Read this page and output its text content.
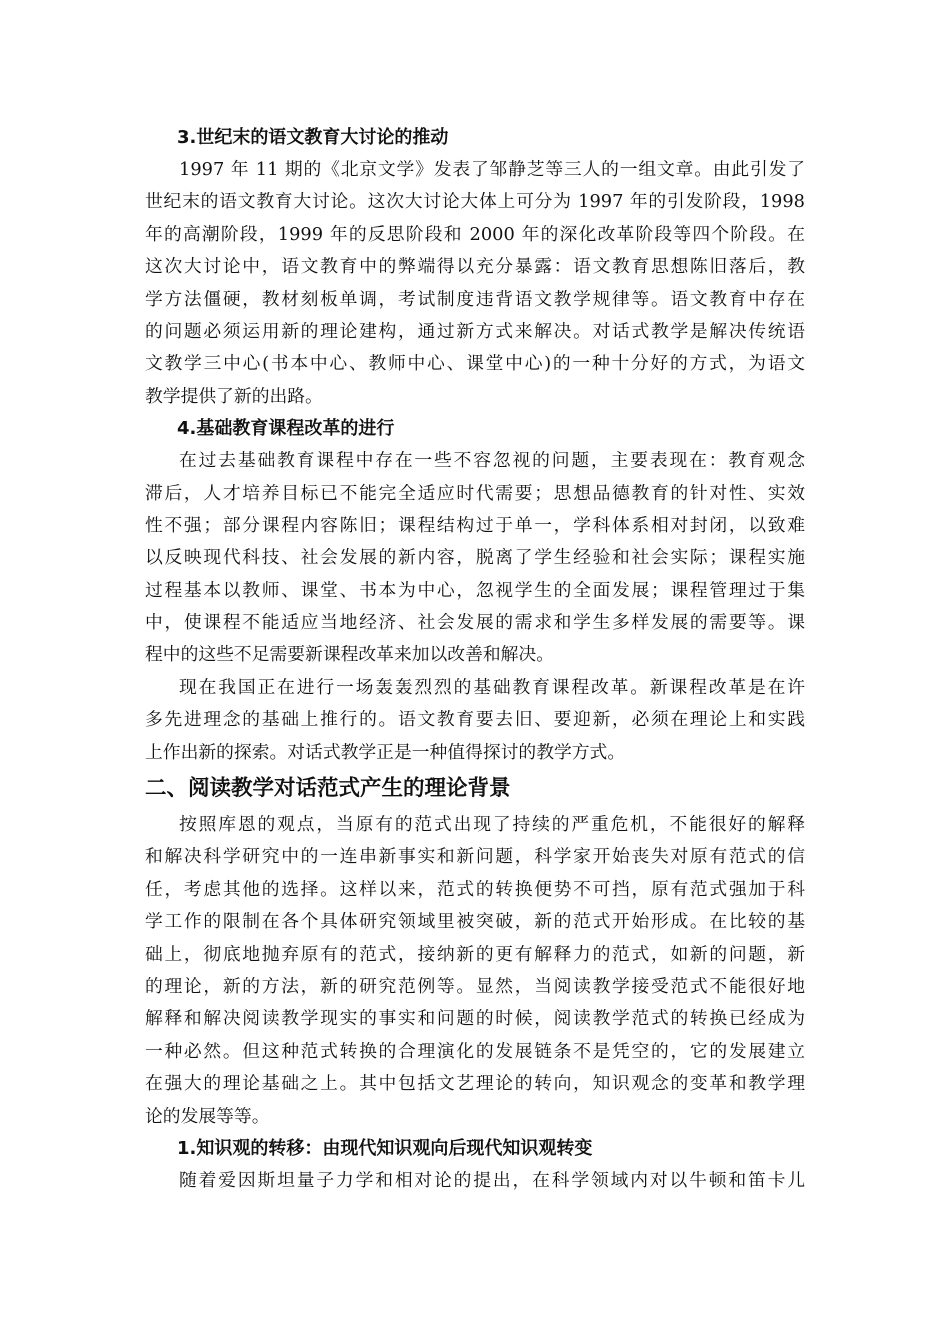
3.世纪末的语文教育大讨论的推动
1997 年 11 期的《北京文学》发表了邹静芝等三人的一组文章。由此引发了
世纪末的语文教育大讨论。这次大讨论大体上可分为 1997 年的引发阶段，1998
年的高潮阶段，1999 年的反思阶段和 2000 年的深化改革阶段等四个阶段。在
这次大讨论中，语文教育中的弊端得以充分暴露：语文教育思想陈旧落后，教
学方法僵硬，教材刻板单调，考试制度违背语文教学规律等。语文教育中存在
的问题必须运用新的理论建构，通过新方式来解决。对话式教学是解决传统语
文教学三中心(书本中心、教师中心、课堂中心)的一种十分好的方式，为语文
教学提供了新的出路。
4.基础教育课程改革的进行
在过去基础教育课程中存在一些不容忽视的问题，主要表现在：教育观念
滞后，人才培养目标已不能完全适应时代需要；思想品德教育的针对性、实效
性不强；部分课程内容陈旧；课程结构过于单一，学科体系相对封闭，以致难
以反映现代科技、社会发展的新内容，脱离了学生经验和社会实际；课程实施
过程基本以教师、课堂、书本为中心，忽视学生的全面发展；课程管理过于集
中，使课程不能适应当地经济、社会发展的需求和学生多样发展的需要等。课
程中的这些不足需要新课程改革来加以改善和解决。
现在我国正在进行一场轰轰烈烈的基础教育课程改革。新课程改革是在许
多先进理念的基础上推行的。语文教育要去旧、要迎新，必须在理论上和实践
上作出新的探索。对话式教学正是一种值得探讨的教学方式。
二、阅读教学对话范式产生的理论背景
按照库恩的观点，当原有的范式出现了持续的严重危机，不能很好的解释
和解决科学研究中的一连串新事实和新问题，科学家开始丧失对原有范式的信
任，考虑其他的选择。这样以来，范式的转换便势不可挡，原有范式强加于科
学工作的限制在各个具体研究领域里被突破，新的范式开始形成。在比较的基
础上，彻底地抛弃原有的范式，接纳新的更有解释力的范式，如新的问题，新
的理论，新的方法，新的研究范例等。显然，当阅读教学接受范式不能很好地
解释和解决阅读教学现实的事实和问题的时候，阅读教学范式的转换已经成为
一种必然。但这种范式转换的合理演化的发展链条不是凭空的，它的发展建立
在强大的理论基础之上。其中包括文艺理论的转向，知识观念的变革和教学理
论的发展等等。
1.知识观的转移：由现代知识观向后现代知识观转变
随着爱因斯坦量子力学和相对论的提出，在科学领域内对以牛顿和笛卡儿
